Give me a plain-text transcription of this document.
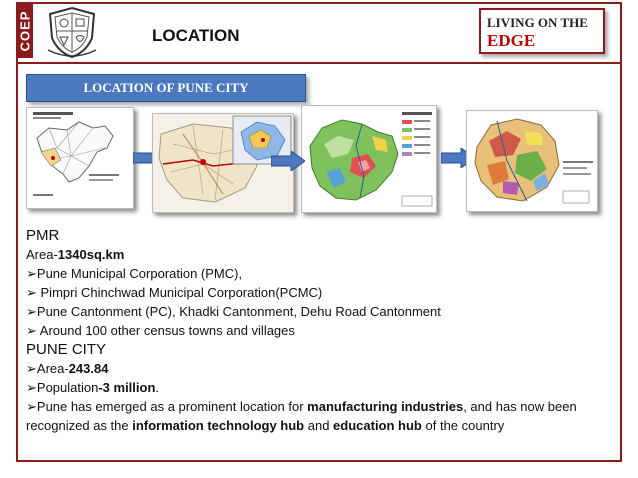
COEP	LOCATION
LIVING ON THE
EDGE
LOCATION OF PUNE CITY
PMR
Area-1340sq.km
➢Pune Municipal Corporation (PMC),
➢ Pimpri Chinchwad Municipal Corporation(PCMC)
➢Pune Cantonment (PC), Khadki Cantonment, Dehu Road Cantonment
➢ Around 100 other census towns and villages
PUNE CITY
➢Area-243.84
➢Population-3 million.
➢Pune has emerged as a prominent location for manufacturing industries, and has now been recognized as the information technology hub and education hub of the country
